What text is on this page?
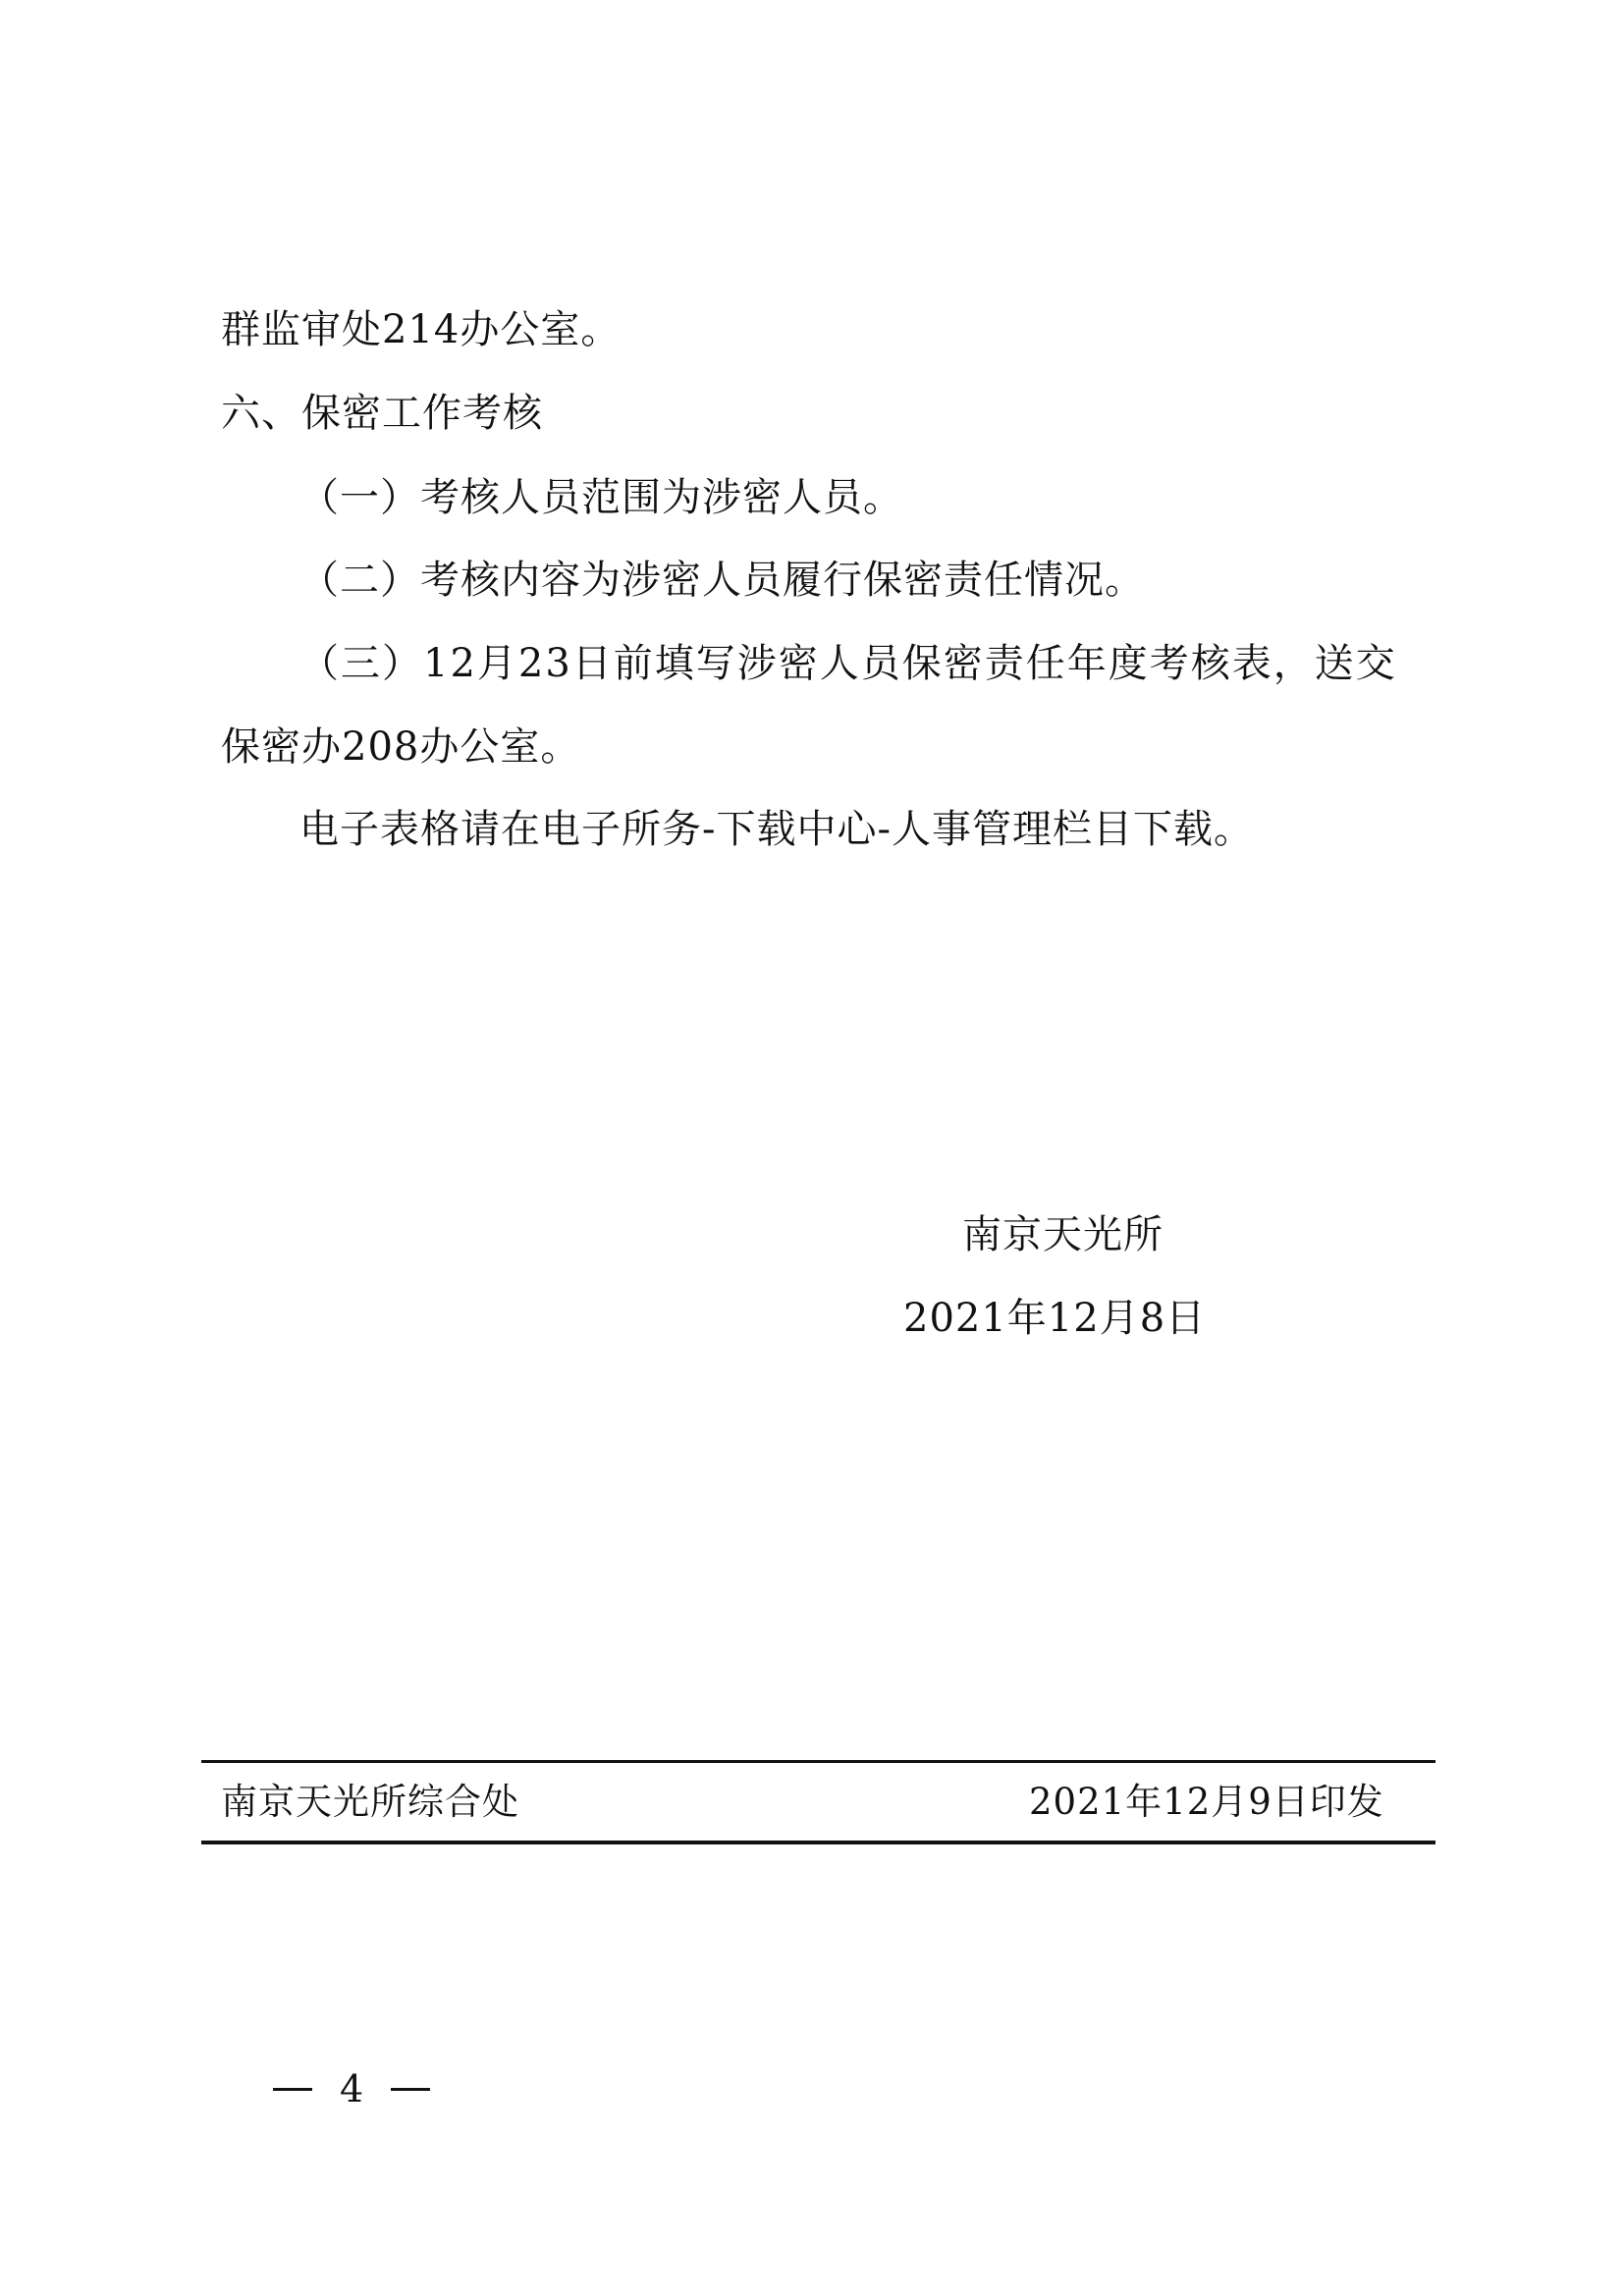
群监审处214办公室。
六、保密工作考核
（一）考核人员范围为涉密人员。
（二）考核内容为涉密人员履行保密责任情况。
（三）12月23日前填写涉密人员保密责任年度考核表，送交
保密办208办公室。
电子表格请在电子所务-下载中心-人事管理栏目下载。
南京天光所
2021年12月8日
南京天光所综合处	2021年12月9日印发
4
